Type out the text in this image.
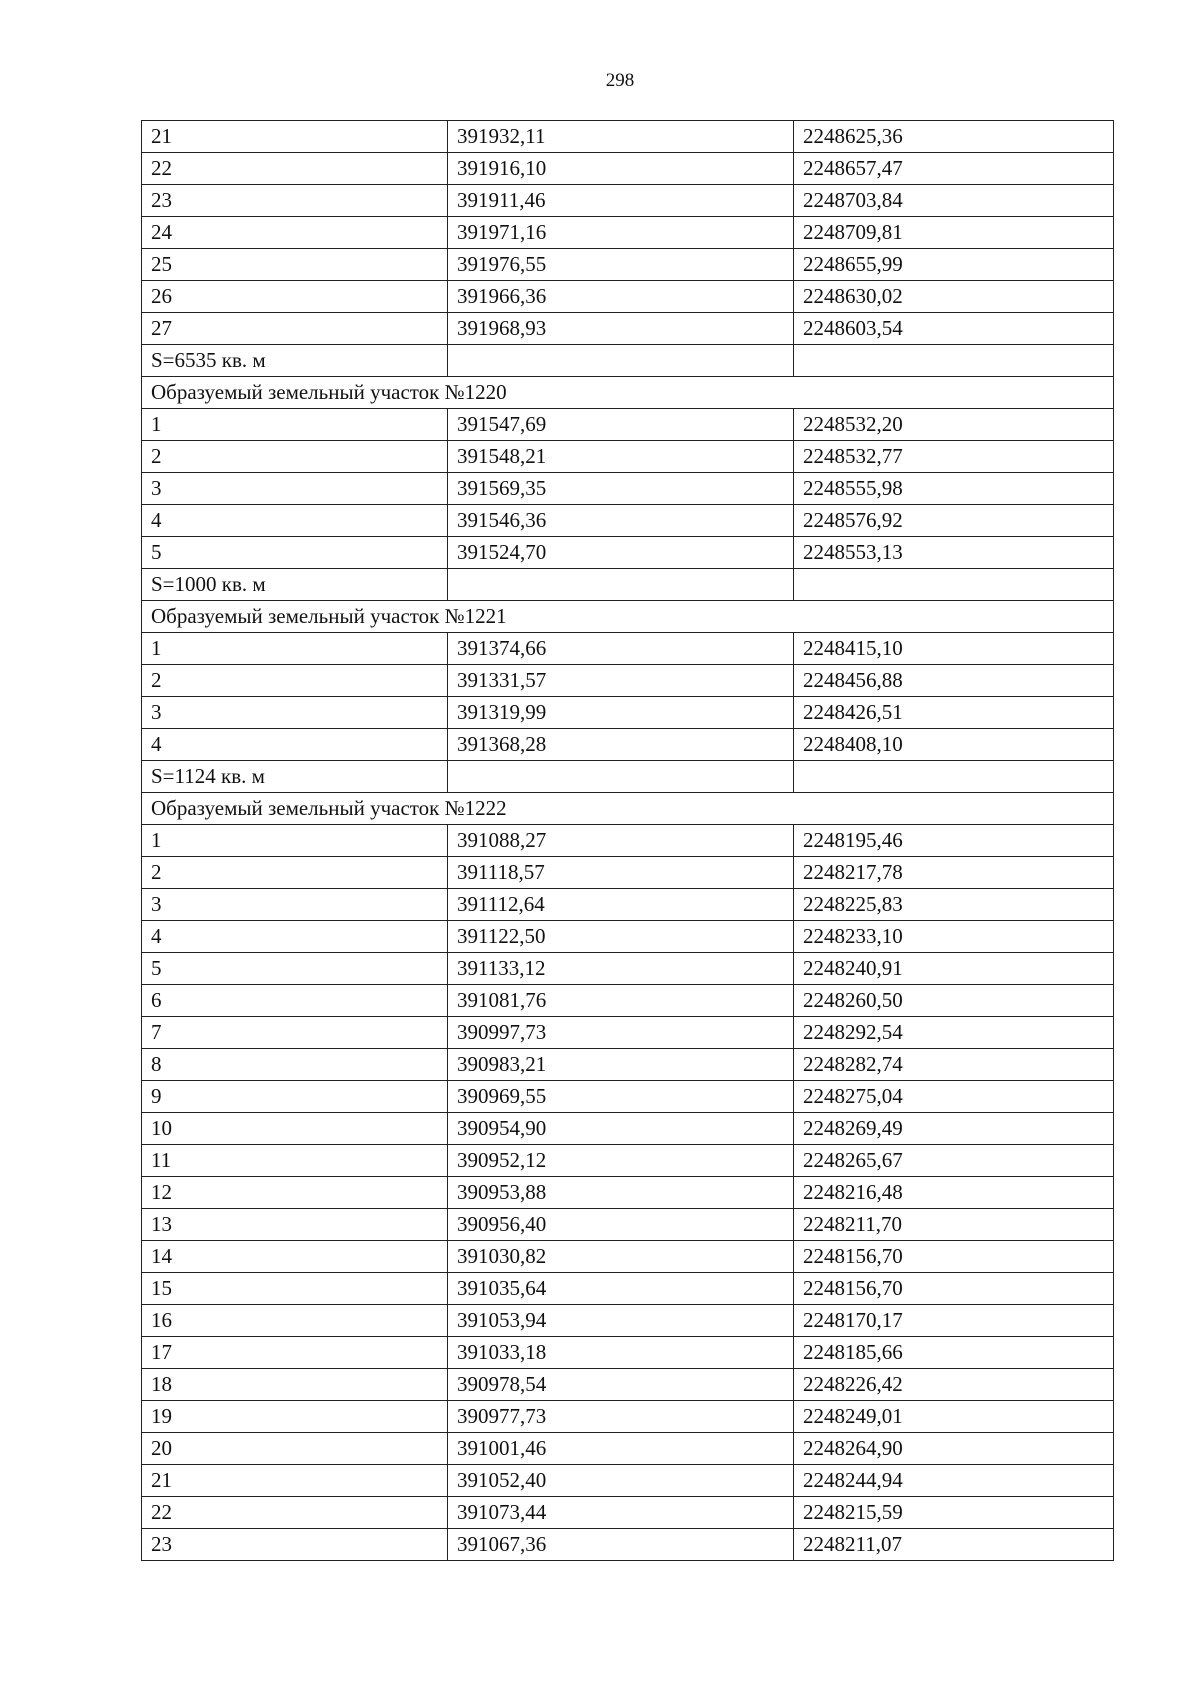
298
21	391932,11	2248625,36
22	391916,10	2248657,47
23	391911,46	2248703,84
24	391971,16	2248709,81
25	391976,55	2248655,99
26	391966,36	2248630,02
27	391968,93	2248603,54
S=6535 кв. м		
Образуемый земельный участок №1220		
1	391547,69	2248532,20
2	391548,21	2248532,77
3	391569,35	2248555,98
4	391546,36	2248576,92
5	391524,70	2248553,13
S=1000 кв. м		
Образуемый земельный участок №1221		
1	391374,66	2248415,10
2	391331,57	2248456,88
3	391319,99	2248426,51
4	391368,28	2248408,10
S=1124 кв. м		
Образуемый земельный участок №1222		
1	391088,27	2248195,46
2	391118,57	2248217,78
3	391112,64	2248225,83
4	391122,50	2248233,10
5	391133,12	2248240,91
6	391081,76	2248260,50
7	390997,73	2248292,54
8	390983,21	2248282,74
9	390969,55	2248275,04
10	390954,90	2248269,49
11	390952,12	2248265,67
12	390953,88	2248216,48
13	390956,40	2248211,70
14	391030,82	2248156,70
15	391035,64	2248156,70
16	391053,94	2248170,17
17	391033,18	2248185,66
18	390978,54	2248226,42
19	390977,73	2248249,01
20	391001,46	2248264,90
21	391052,40	2248244,94
22	391073,44	2248215,59
23	391067,36	2248211,07
